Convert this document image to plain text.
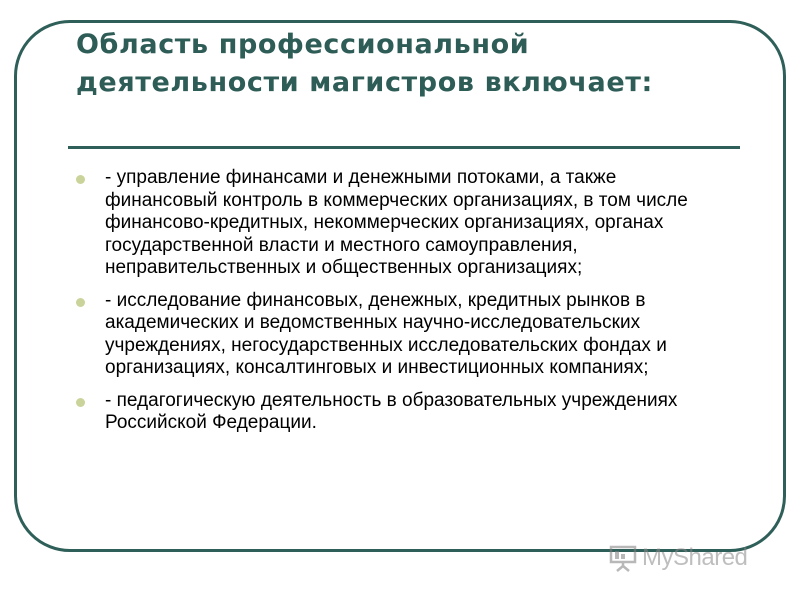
Область профессиональной
деятельности магистров включает:
- управление финансами и денежными потоками, а также финансовый контроль в коммерческих организациях, в том числе финансово-кредитных, некоммерческих организациях, органах государственной власти и местного самоуправления, неправительственных и общественных организациях;
- исследование финансовых, денежных, кредитных рынков в академических и ведомственных научно-исследовательских учреждениях, негосударственных исследовательских фондах и организациях, консалтинговых и инвестиционных компаниях;
- педагогическую деятельность в образовательных учреждениях Российской Федерации.
MyShared
